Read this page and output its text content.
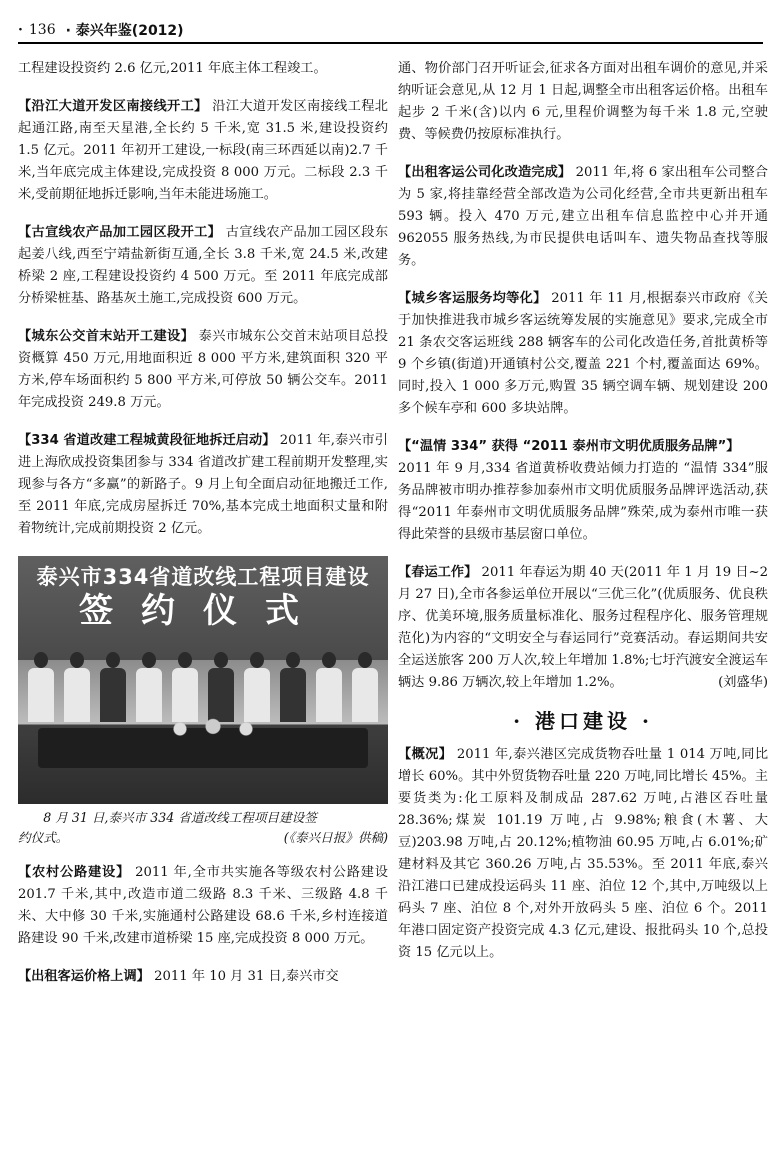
· 136 · 泰兴年鉴(2012)

工程建设投资约 2.6 亿元,2011 年底主体工程竣工。

【沿江大道开发区南接线开工】 沿江大道开发区南接线工程北起通江路,南至天星港,全长约 5 千米,宽 31.5 米,建设投资约 1.5 亿元。2011 年初开工建设,一标段(南三环西延以南)2.7 千米,当年底完成主体建设,完成投资 8 000 万元。二标段 2.3 千米,受前期征地拆迁影响,当年未能进场施工。

【古宣线农产品加工园区段开工】 古宣线农产品加工园区段东起姜八线,西至宁靖盐新街互通,全长 3.8 千米,宽 24.5 米,改建桥梁 2 座,工程建设投资约 4 500 万元。至 2011 年底完成部分桥梁桩基、路基灰土施工,完成投资 600 万元。

【城东公交首末站开工建设】 泰兴市城东公交首末站项目总投资概算 450 万元,用地面积近 8 000 平方米,建筑面积 320 平方米,停车场面积约 5 800 平方米,可停放 50 辆公交车。2011 年完成投资 249.8 万元。

【334 省道改建工程城黄段征地拆迁启动】 2011 年,泰兴市引进上海欣成投资集团参与 334 省道改扩建工程前期开发整理,实现参与各方“多赢”的新路子。9 月上旬全面启动征地搬迁工作,至 2011 年底,完成房屋拆迁 70%,基本完成土地面积丈量和附着物统计,完成前期投资 2 亿元。

泰兴市334省道改线工程项目建设
签约仪式
8 月 31 日,泰兴市 334 省道改线工程项目建设签
约仪式。	(《泰兴日报》供稿)

【农村公路建设】 2011 年,全市共实施各等级农村公路建设 201.7 千米,其中,改造市道二级路 8.3 千米、三级路 4.8 千米、大中修 30 千米,实施通村公路建设 68.6 千米,乡村连接道路建设 90 千米,改建市道桥梁 15 座,完成投资 8 000 万元。

【出租客运价格上调】 2011 年 10 月 31 日,泰兴市交

通、物价部门召开听证会,征求各方面对出租车调价的意见,并采纳听证会意见,从 12 月 1 日起,调整全市出租客运价格。出租车起步 2 千米(含)以内 6 元,里程价调整为每千米 1.8 元,空驶费、等候费仍按原标准执行。

【出租客运公司化改造完成】 2011 年,将 6 家出租车公司整合为 5 家,将挂靠经营全部改造为公司化经营,全市共更新出租车 593 辆。投入 470 万元,建立出租车信息监控中心并开通 962055 服务热线,为市民提供电话叫车、遗失物品查找等服务。

【城乡客运服务均等化】 2011 年 11 月,根据泰兴市政府《关于加快推进我市城乡客运统筹发展的实施意见》要求,完成全市 21 条农交客运班线 288 辆客车的公司化改造任务,首批黄桥等 9 个乡镇(街道)开通镇村公交,覆盖 221 个村,覆盖面达 69%。同时,投入 1 000 多万元,购置 35 辆空调车辆、规划建设 200 多个候车亭和 600 多块站牌。

【“温情 334” 获得 “2011 泰州市文明优质服务品牌”】
2011 年 9 月,334 省道黄桥收费站倾力打造的 “温情 334”服务品牌被市明办推荐参加泰州市文明优质服务品牌评选活动,获得“2011 年泰州市文明优质服务品牌”殊荣,成为泰州市唯一获得此荣誉的县级市基层窗口单位。

【春运工作】 2011 年春运为期 40 天(2011 年 1 月 19 日~2 月 27 日),全市各参运单位开展以“三优三化”(优质服务、优良秩序、优美环境,服务质量标准化、服务过程程序化、服务管理规范化)为内容的“文明安全与春运同行”竞赛活动。春运期间共安全运送旅客 200 万人次,较上年增加 1.8%;七圩汽渡安全渡运车辆达 9.86 万辆次,较上年增加 1.2%。	(刘盛华)

· 港口建设 ·

【概况】 2011 年,泰兴港区完成货物吞吐量 1 014 万吨,同比增长 60%。其中外贸货物吞吐量 220 万吨,同比增长 45%。主要货类为:化工原料及制成品 287.62 万吨,占港区吞吐量 28.36%;煤炭 101.19 万吨,占 9.98%;粮食(木薯、大豆)203.98 万吨,占 20.12%;植物油 60.95 万吨,占 6.01%;矿建材料及其它 360.26 万吨,占 35.53%。至 2011 年底,泰兴沿江港口已建成投运码头 11 座、泊位 12 个,其中,万吨级以上码头 7 座、泊位 8 个,对外开放码头 5 座、泊位 6 个。2011 年港口固定资产投资完成 4.3 亿元,建设、报批码头 10 个,总投资 15 亿元以上。
